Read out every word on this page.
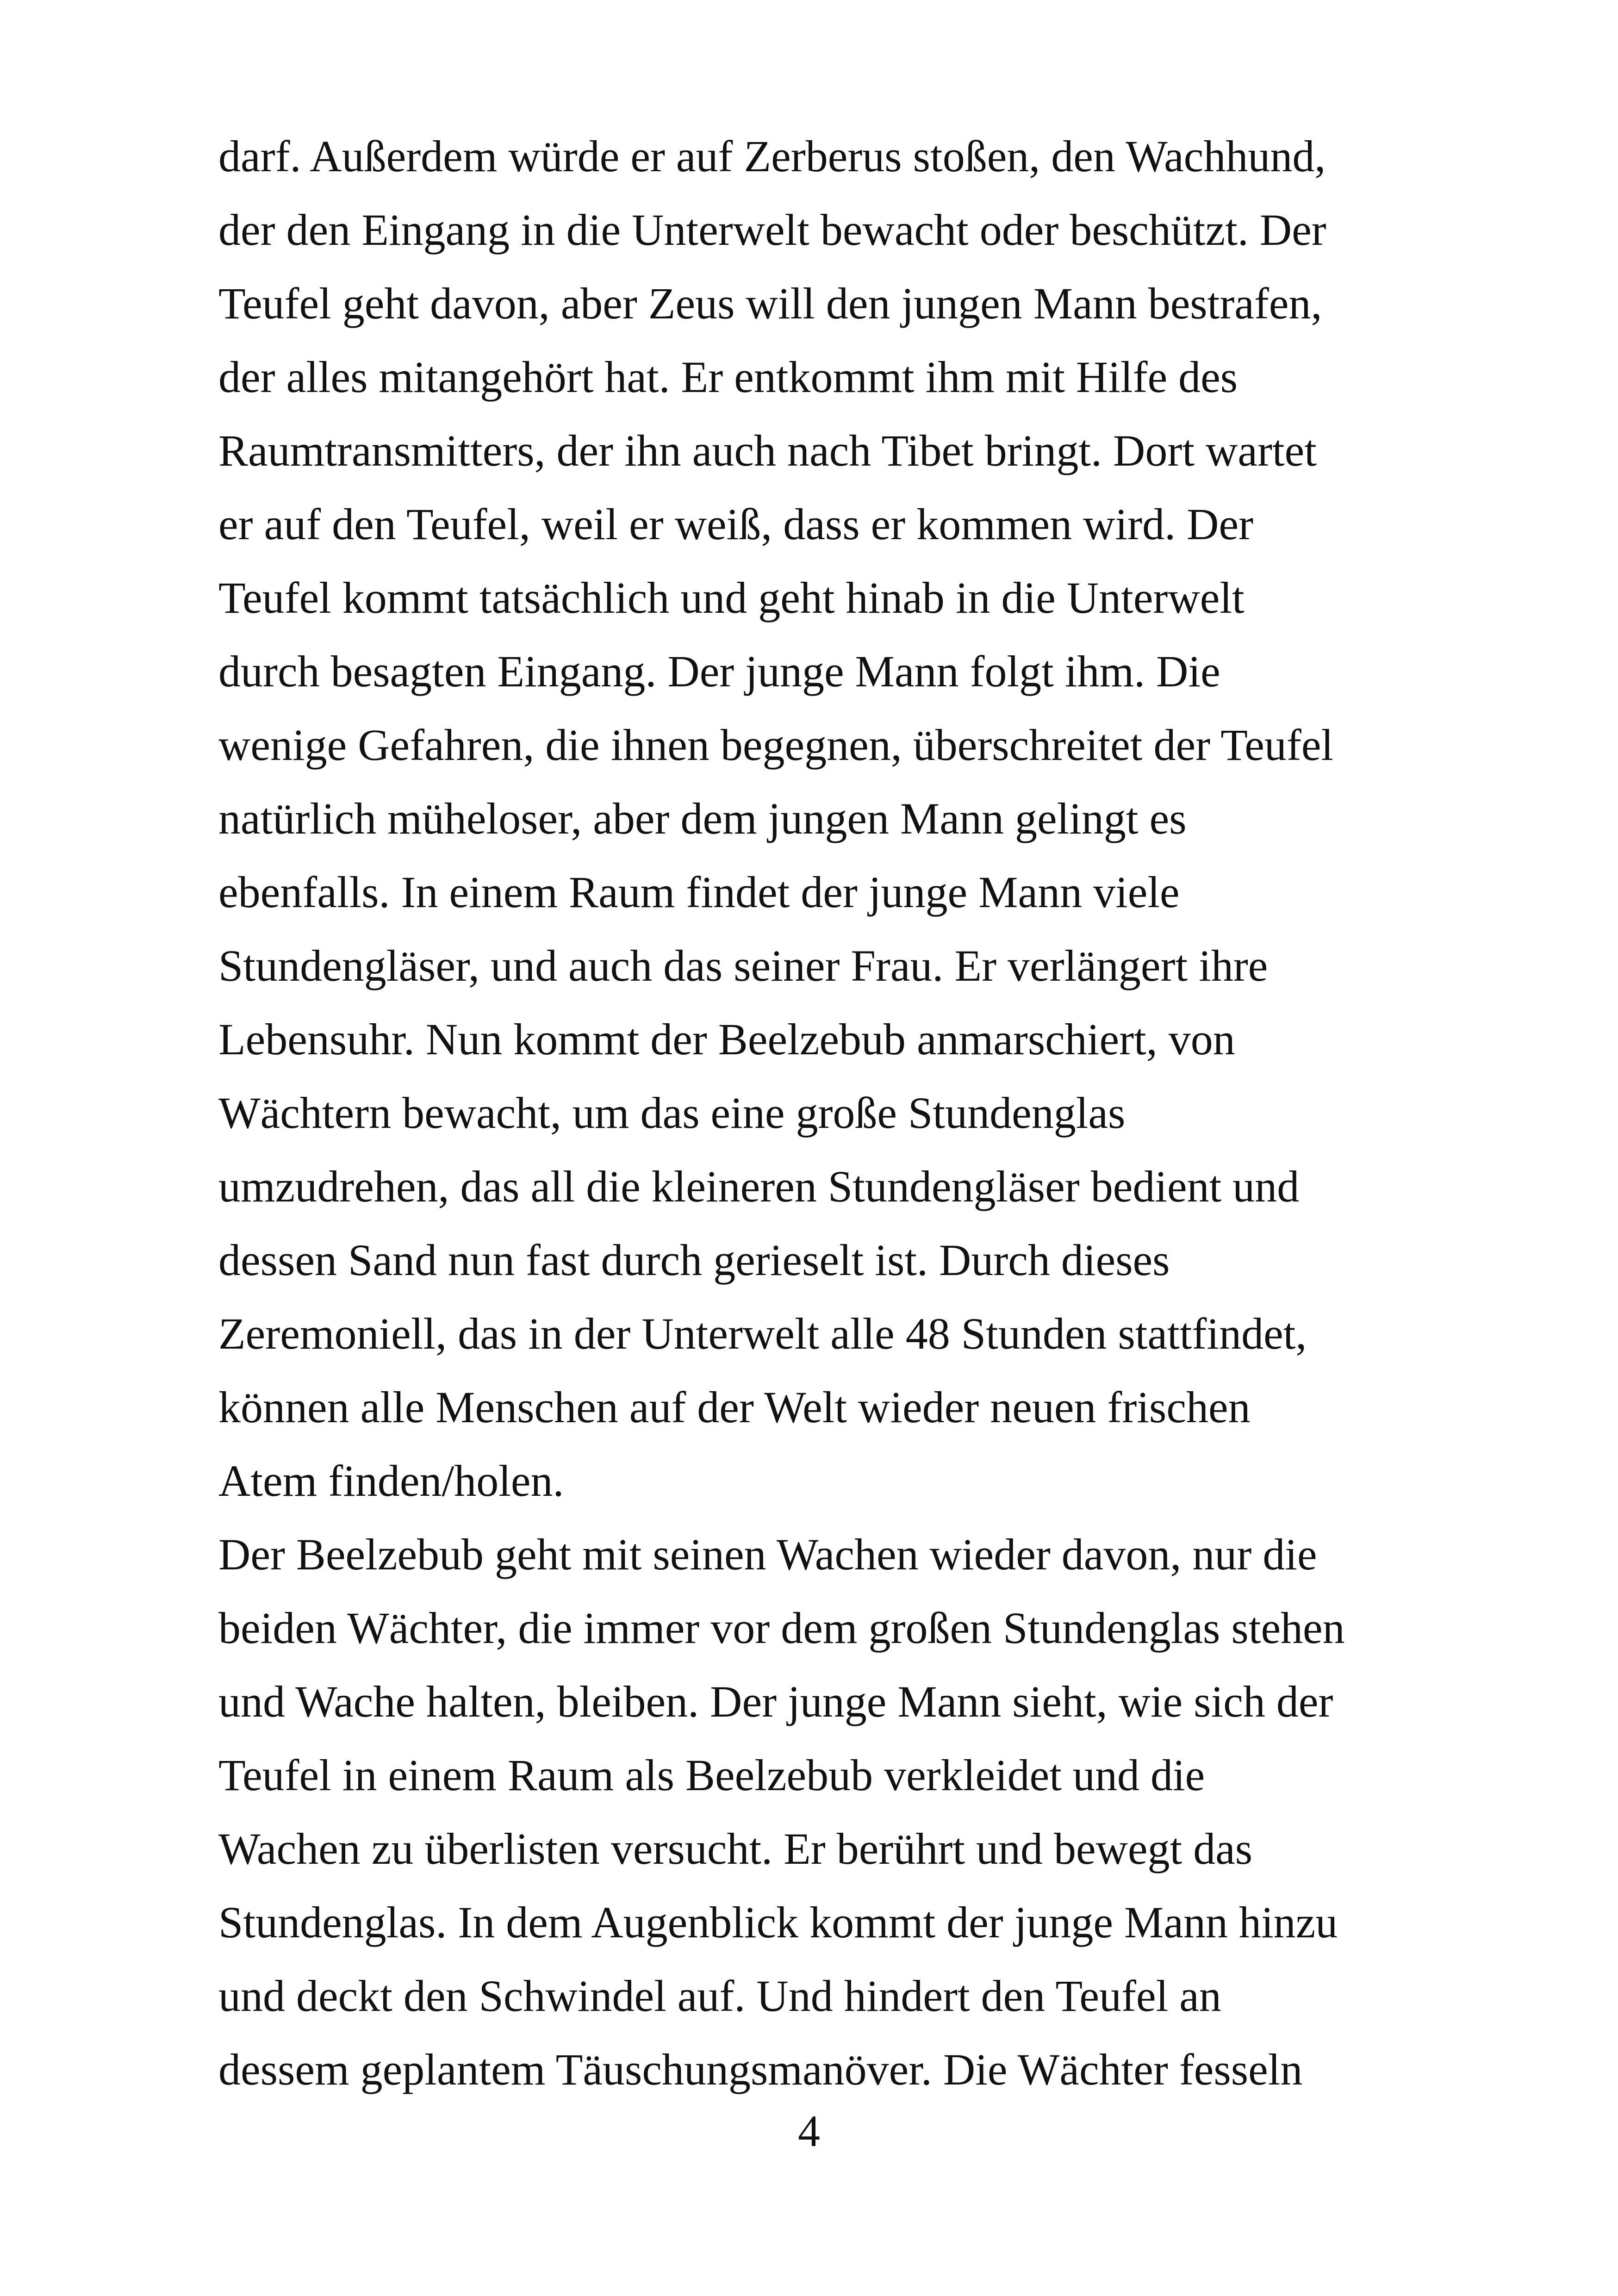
darf. Außerdem würde er auf Zerberus stoßen, den Wachhund,
der den Eingang in die Unterwelt bewacht oder beschützt. Der
Teufel geht davon, aber Zeus will den jungen Mann bestrafen,
der alles mitangehört hat. Er entkommt ihm mit Hilfe des
Raumtransmitters, der ihn auch nach Tibet bringt. Dort wartet
er auf den Teufel, weil er weiß, dass er kommen wird. Der
Teufel kommt tatsächlich und geht hinab in die Unterwelt
durch besagten Eingang. Der junge Mann folgt ihm. Die
wenige Gefahren, die ihnen begegnen, überschreitet der Teufel
natürlich müheloser, aber dem jungen Mann gelingt es
ebenfalls. In einem Raum findet der junge Mann viele
Stundengläser, und auch das seiner Frau. Er verlängert ihre
Lebensuhr. Nun kommt der Beelzebub anmarschiert, von
Wächtern bewacht, um das eine große Stundenglas
umzudrehen, das all die kleineren Stundengläser bedient und
dessen Sand nun fast durch gerieselt ist. Durch dieses
Zeremoniell, das in der Unterwelt alle 48 Stunden stattfindet,
können alle Menschen auf der Welt wieder neuen frischen
Atem finden/holen.
Der Beelzebub geht mit seinen Wachen wieder davon, nur die
beiden Wächter, die immer vor dem großen Stundenglas stehen
und Wache halten, bleiben. Der junge Mann sieht, wie sich der
Teufel in einem Raum als Beelzebub verkleidet und die
Wachen zu überlisten versucht. Er berührt und bewegt das
Stundenglas. In dem Augenblick kommt der junge Mann hinzu
und deckt den Schwindel auf. Und hindert den Teufel an
dessem geplantem Täuschungsmanöver. Die Wächter fesseln
4
